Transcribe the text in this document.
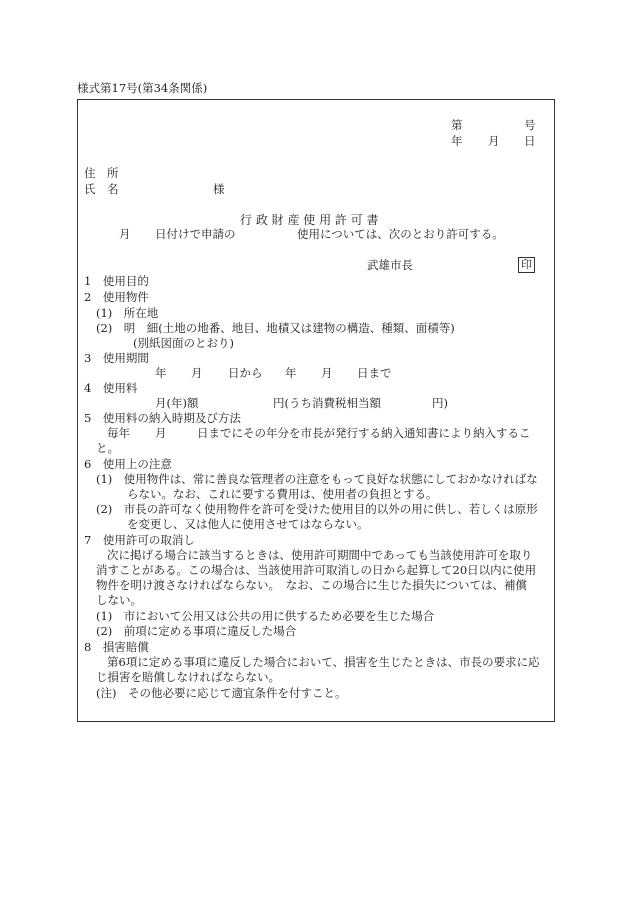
様式第17号(第34条関係)
第	号
年 月 日
住　所
氏　名	様
行 政 財 産 使 用 許 可 書
月 日付けで申請の	使用については、次のとおり許可する。
武雄市長	印
1　使用目的
2　使用物件
(1)　所在地
(2)　明　細(土地の地番、地目、地積又は建物の構造、種類、面積等)
(別紙図面のとおり)
3　使用期間
年 月 日から 年 月 日まで
4　使用料
月(年)額	円(うち消費税相当額	円)
5　使用料の納入時期及び方法
毎年 月	日までにその年分を市長が発行する納入通知書により納入するこ
と。
6　使用上の注意
(1)　使用物件は、常に善良な管理者の注意をもって良好な状態にしておかなければな
らない。なお、これに要する費用は、使用者の負担とする。
(2)　市長の許可なく使用物件を許可を受けた使用目的以外の用に供し、若しくは原形
を変更し、又は他人に使用させてはならない。
7　使用許可の取消し
次に掲げる場合に該当するときは、使用許可期間中であっても当該使用許可を取り
消すことがある。この場合は、当該使用許可取消しの日から起算して20日以内に使用
物件を明け渡さなければならない。　なお、この場合に生じた損失については、補償
しない。
(1)　市において公用又は公共の用に供するため必要を生じた場合
(2)　前項に定める事項に違反した場合
8　損害賠償
第6項に定める事項に違反した場合において、損害を生じたときは、市長の要求に応
じ損害を賠償しなければならない。
(注)　その他必要に応じて適宜条件を付すこと。
